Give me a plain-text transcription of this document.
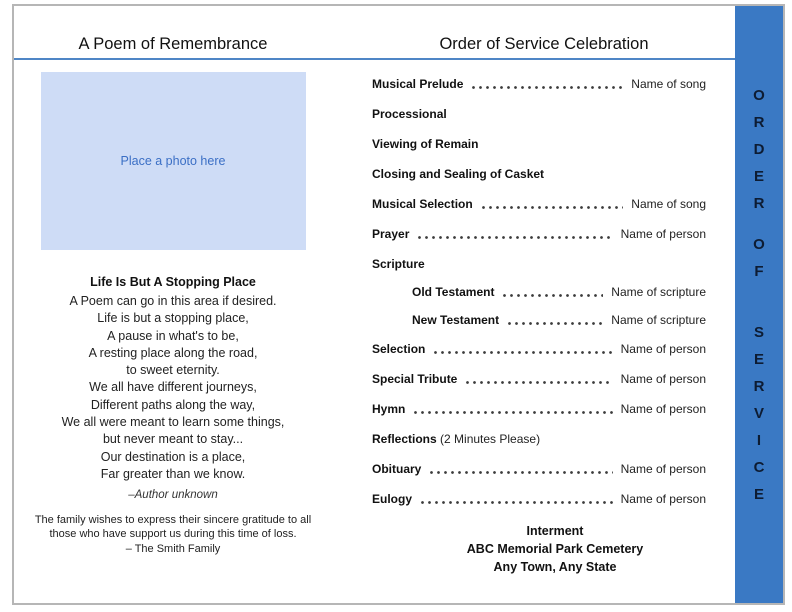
A Poem of Remembrance
Place a photo here
Life Is But A Stopping Place
A Poem can go in this area if desired.
Life is but a stopping place,
A pause in what's to be,
A resting place along the road,
to sweet eternity.
We all have different journeys,
Different paths along the way,
We all were meant to learn some things,
but never meant to stay...
Our destination is a place,
Far greater than we know.
–Author unknown
The family wishes to express their sincere gratitude to all
those who have support us during this time of loss.
– The Smith Family
Order of Service Celebration
Musical Prelude	Name of song
Processional
Viewing of Remain
Closing and Sealing of Casket
Musical Selection	Name of song
Prayer	Name of person
Scripture
Old Testament	Name of scripture
New Testament	Name of scripture
Selection	Name of person
Special Tribute	Name of person
Hymn	Name of person
Reflections (2 Minutes Please)
Obituary	Name of person
Eulogy	Name of person
Interment
ABC Memorial Park Cemetery
Any Town, Any State
O
R
D
E
R
O
F
S
E
R
V
I
C
E
